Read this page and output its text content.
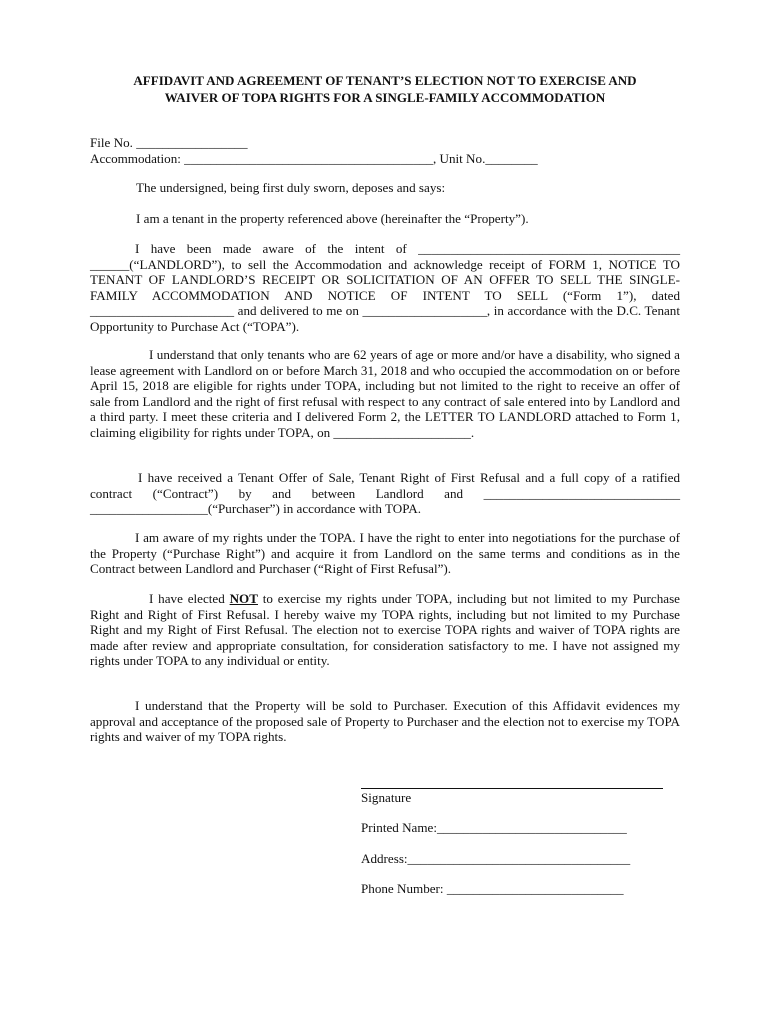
AFFIDAVIT AND AGREEMENT OF TENANT’S ELECTION NOT TO EXERCISE AND
WAIVER OF TOPA RIGHTS FOR A SINGLE-FAMILY ACCOMMODATION
File No. _________________
Accommodation: ______________________________________, Unit No.________
The undersigned, being first duly sworn, deposes and says:
I am a tenant in the property referenced above (hereinafter the “Property”).
I have been made aware of the intent of ________________________________________ ______(“LANDLORD”), to sell the Accommodation and acknowledge receipt of FORM 1, NOTICE TO TENANT OF LANDLORD’S RECEIPT OR SOLICITATION OF AN OFFER TO SELL THE SINGLE-FAMILY ACCOMMODATION AND NOTICE OF INTENT TO SELL (“Form 1”), dated ______________________ and delivered to me on ___________________, in accordance with the D.C. Tenant Opportunity to Purchase Act (“TOPA”).
I understand that only tenants who are 62 years of age or more and/or have a disability, who signed a lease agreement with Landlord on or before March 31, 2018 and who occupied the accommodation on or before April 15, 2018 are eligible for rights under TOPA, including but not limited to the right to receive an offer of sale from Landlord and the right of first refusal with respect to any contract of sale entered into by Landlord and a third party. I meet these criteria and I delivered Form 2, the LETTER TO LANDLORD attached to Form 1, claiming eligibility for rights under TOPA, on _____________________.
I have received a Tenant Offer of Sale, Tenant Right of First Refusal and a full copy of a ratified contract (“Contract”) by and between Landlord and ______________________________ __________________(“Purchaser”) in accordance with TOPA.
I am aware of my rights under the TOPA. I have the right to enter into negotiations for the purchase of the Property (“Purchase Right”) and acquire it from Landlord on the same terms and conditions as in the Contract between Landlord and Purchaser (“Right of First Refusal”).
I have elected NOT to exercise my rights under TOPA, including but not limited to my Purchase Right and Right of First Refusal. I hereby waive my TOPA rights, including but not limited to my Purchase Right and my Right of First Refusal. The election not to exercise TOPA rights and waiver of TOPA rights are made after review and appropriate consultation, for consideration satisfactory to me. I have not assigned my rights under TOPA to any individual or entity.
I understand that the Property will be sold to Purchaser. Execution of this Affidavit evidences my approval and acceptance of the proposed sale of Property to Purchaser and the election not to exercise my TOPA rights and waiver of my TOPA rights.
Signature
Printed Name:_____________________________
Address:__________________________________
Phone Number: ___________________________
